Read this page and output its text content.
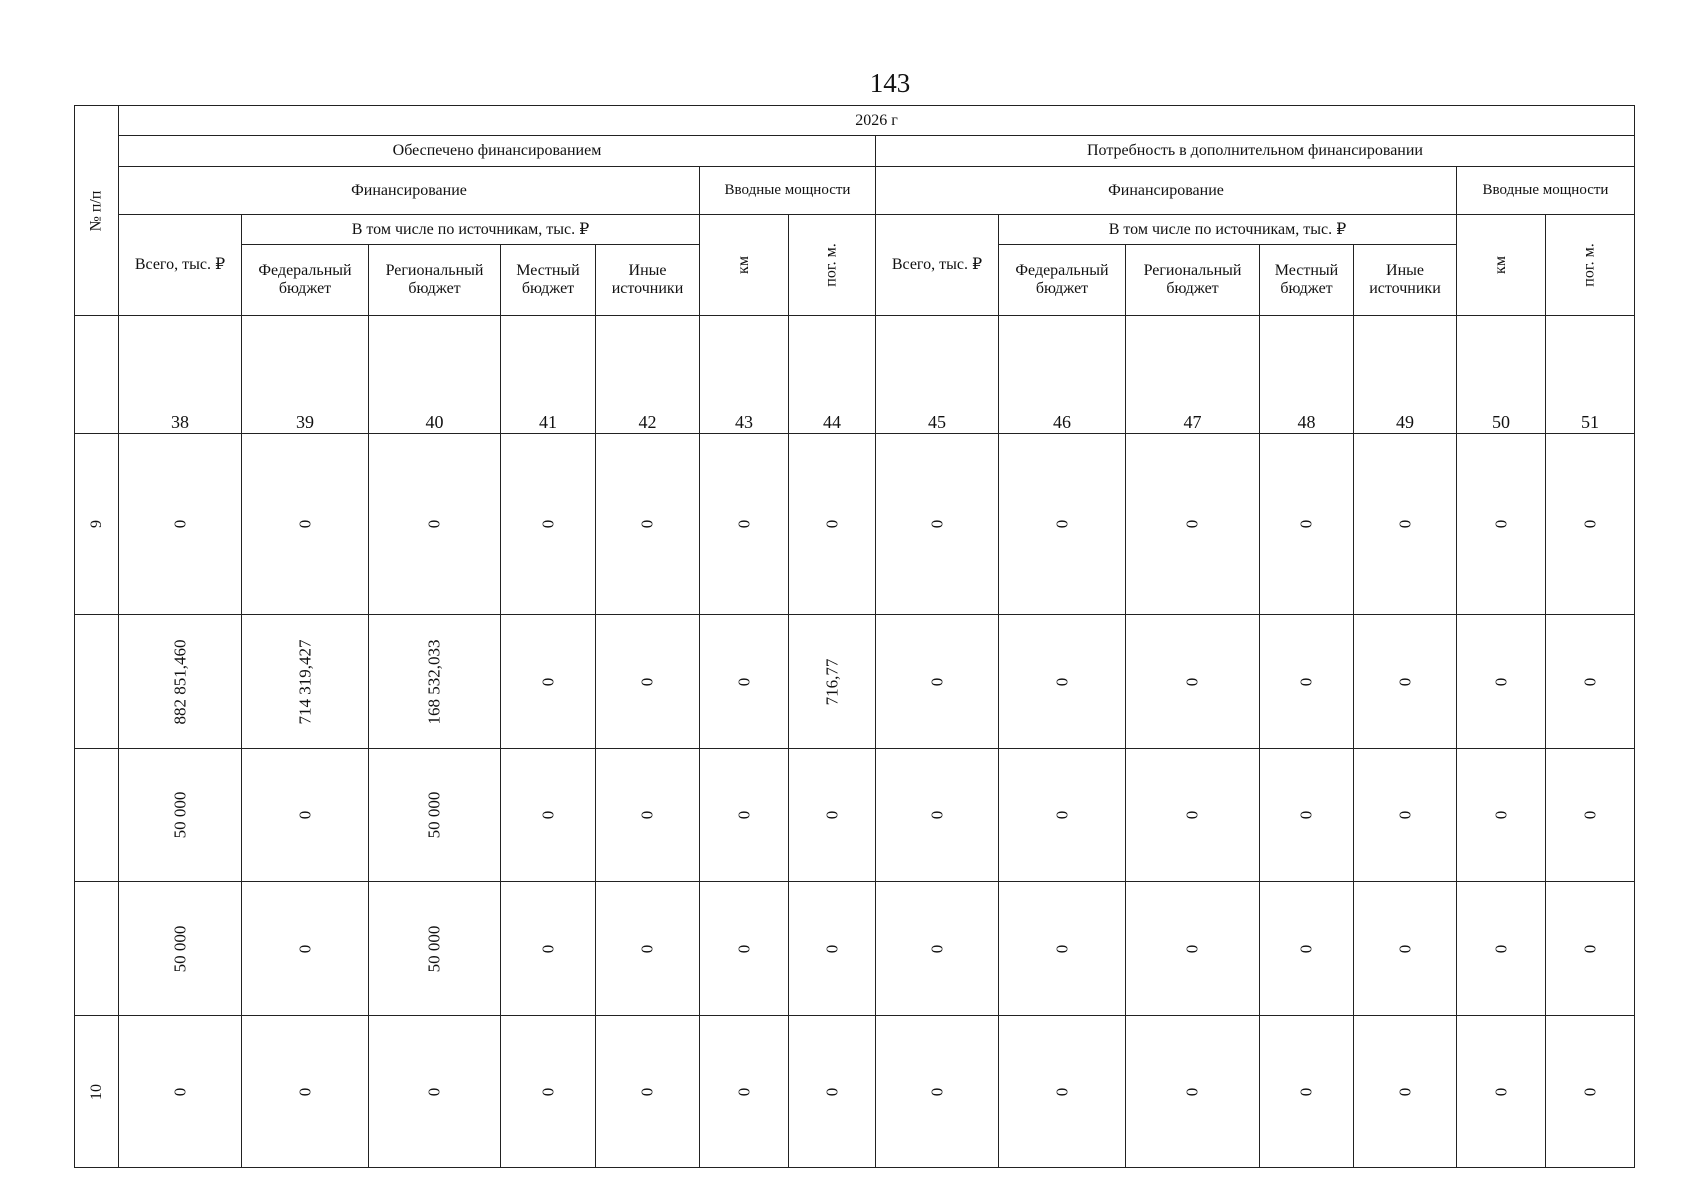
143
№ п/п	2026 г													
	Обеспечено финансированием							Потребность в дополнительном финансировании						
	Финансирование					Вводные мощности		Финансирование					Вводные мощности	
	Всего, тыс. ₽	В том числе по источникам, тыс. ₽				км	пог. м.	Всего, тыс. ₽	В том числе по источникам, тыс. ₽				км	пог. м.
		Федеральный бюджет	Региональный бюджет	Местный бюджет	Иные источники				Федеральный бюджет	Региональный бюджет	Местный бюджет	Иные источники		
	38	39	40	41	42	43	44	45	46	47	48	49	50	51
9	0	0	0	0	0	0	0	0	0	0	0	0	0	0
	882 851,460	714 319,427	168 532,033	0	0	0	716,77	0	0	0	0	0	0	0
	50 000	0	50 000	0	0	0	0	0	0	0	0	0	0	0
	50 000	0	50 000	0	0	0	0	0	0	0	0	0	0	0
10	0	0	0	0	0	0	0	0	0	0	0	0	0	0
